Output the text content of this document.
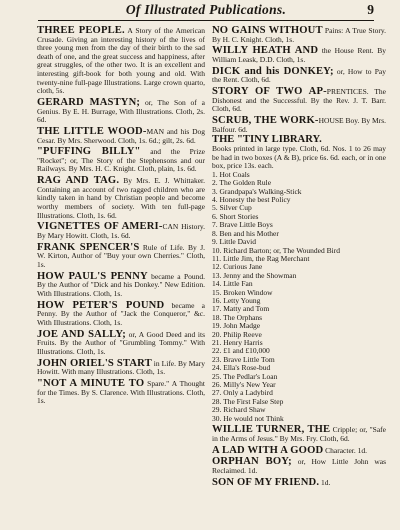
Of Illustrated Publications.	9

THREE PEOPLE. A Story of the American Crusade. Giving an interesting history of the lives of three young men from the day of their birth to the sad death of one, and the great success and happiness, after great struggles, of the other two. It is an excellent and interesting gift-book for both young and old. With twenty-nine full-page Illustrations. Large crown quarto, cloth, 5s.

GERARD MASTYN; or, The Son of a Genius. By E. H. Burrage, With Illustrations. Cloth, 2s. 6d.

THE LITTLE WOOD-MAN and his Dog Cesar. By Mrs. Sherwood. Cloth, 1s. 6d.; gilt, 2s. 6d.

"PUFFING BILLY" and the Prize "Rocket"; or, The Story of the Stephensons and our Railways. By Mrs. H. C. Knight. Cloth, plain, 1s. 6d.

RAG AND TAG. By Mrs. E. J. Whittaker. Containing an account of two ragged children who are kindly taken in hand by Christian people and become worthy members of society. With ten full-page Illustrations. Cloth, 1s. 6d.

VIGNETTES OF AMERI-CAN History. By Mary Howitt. Cloth, 1s. 6d.

FRANK SPENCER'S Rule of Life. By J. W. Kirton, Author of "Buy your own Cherries." Cloth, 1s.

HOW PAUL'S PENNY became a Pound. By the Author of "Dick and his Donkey." New Edition. With Illustrations. Cloth, 1s.

HOW PETER'S POUND became a Penny. By the Author of "Jack the Conqueror," &c. With Illustrations. Cloth, 1s.

JOE AND SALLY; or, A Good Deed and its Fruits. By the Author of "Grumbling Tommy." With Illustrations. Cloth, 1s.

JOHN ORIEL'S START in Life. By Mary Howitt. With many Illustrations. Cloth, 1s.

"NOT A MINUTE TO Spare." A Thought for the Times. By S. Clarence. With Illustrations. Cloth, 1s.

NO GAINS WITHOUT Pains: A True Story. By H. C. Knight. Cloth, 1s.

WILLY HEATH AND the House Rent. By William Leask, D.D. Cloth, 1s.

DICK and his DONKEY; or, How to Pay the Rent. Cloth, 6d.

STORY OF TWO AP-PRENTICES. The Dishonest and the Successful. By the Rev. J. T. Barr. Cloth, 6d.

SCRUB, THE WORK-HOUSE Boy. By Mrs. Balfour. 6d.

THE "TINY LIBRARY.
Books printed in large type. Cloth, 6d. Nos. 1 to 26 may be had in two boxes (A & B), price 6s. 6d. each, or in one box, price 13s. each.
1. Hot Coals
2. The Golden Rule
3. Grandpapa's Walking-Stick
4. Honesty the best Policy
5. Silver Cup
6. Short Stories
7. Brave Little Boys
8. Ben and his Mother
9. Little David
10. Richard Barton; or, The Wounded Bird
11. Little Jim, the Rag Merchant
12. Curious Jane
13. Jenny and the Showman
14. Little Fan
15. Broken Window
16. Letty Young
17. Matty and Tom
18. The Orphans
19. John Madge
20. Philip Reeve
21. Henry Harris
22. £1 and £10,000
23. Brave Little Tom
24. Ella's Rose-bud
25. The Pedlar's Loan
26. Milly's New Year
27. Only a Ladybird
28. The First False Step
29. Richard Shaw
30. He would not Think

WILLIE TURNER, THE Cripple; or, "Safe in the Arms of Jesus." By Mrs. Fry. Cloth, 6d.

A LAD WITH A GOOD Character. 1d.

ORPHAN BOY; or, How Little John was Reclaimed. 1d.

SON OF MY FRIEND. 1d.
